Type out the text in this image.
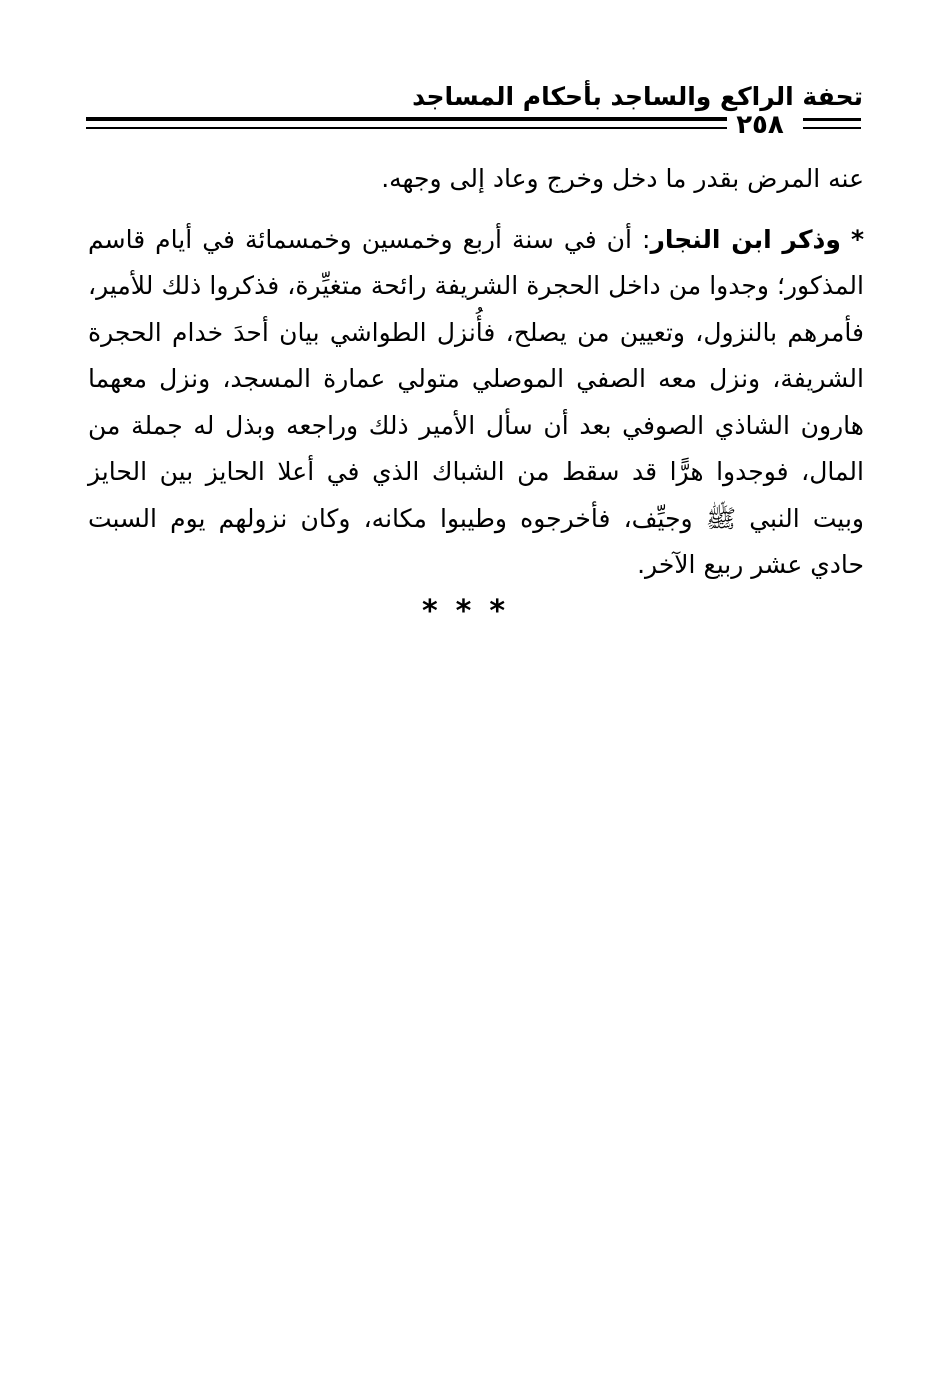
تحفة الراكع والساجد بأحكام المساجد
٢٥٨

عنه المرض بقدر ما دخل وخرج وعاد إلى وجهه.

* وذكر ابن النجار: أن في سنة أربع وخمسين وخمسمائة في أيام قاسم المذكور؛ وجدوا من داخل الحجرة الشريفة رائحة متغيِّرة، فذكروا ذلك للأمير، فأمرهم بالنزول، وتعيين من يصلح، فأُنزل الطواشي بيان أحدَ خدام الحجرة الشريفة، ونزل معه الصفي الموصلي متولي عمارة المسجد، ونزل معهما هارون الشاذي الصوفي بعد أن سأل الأمير ذلك وراجعه وبذل له جملة من المال، فوجدوا هرًّا قد سقط من الشباك الذي في أعلا الحايز بين الحايز وبيت النبي ﷺ وجيِّف، فأخرجوه وطيبوا مكانه، وكان نزولهم يوم السبت حادي عشر ربيع الآخر.

***
